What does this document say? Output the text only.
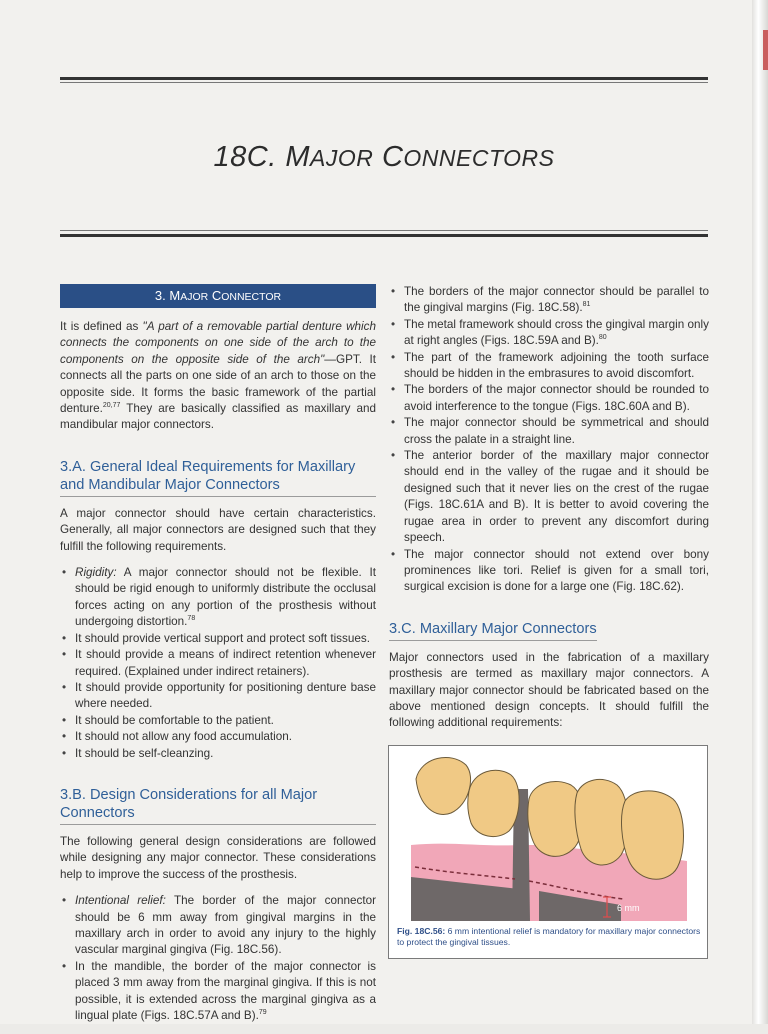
18C. MAJOR CONNECTORS
3. MAJOR CONNECTOR

It is defined as "A part of a removable partial denture which connects the components on one side of the arch to the components on the opposite side of the arch"—GPT. It connects all the parts on one side of an arch to those on the opposite side. It forms the basic framework of the partial denture.$^{20,77}$ They are basically classified as maxillary and mandibular major connectors.

3.A. General Ideal Requirements for Maxillary and Mandibular Major Connectors

A major connector should have certain characteristics. Generally, all major connectors are designed such that they fulfill the following requirements.

• Rigidity: A major connector should not be flexible. It should be rigid enough to uniformly distribute the occlusal forces acting on any portion of the prosthesis without undergoing distortion.$^{78}$
• It should provide vertical support and protect soft tissues.
• It should provide a means of indirect retention whenever required. (Explained under indirect retainers).
• It should provide opportunity for positioning denture base where needed.
• It should be comfortable to the patient.
• It should not allow any food accumulation.
• It should be self-cleanzing.
3.B. Design Considerations for all Major Connectors

The following general design considerations are followed while designing any major connector. These considerations help to improve the success of the prosthesis.

• Intentional relief: The border of the major connector should be 6 mm away from gingival margins in the maxillary arch in order to avoid any injury to the highly vascular marginal gingiva (Fig. 18C.56).
• In the mandible, the border of the major connector is placed 3 mm away from the marginal gingiva. If this is not possible, it is extended across the marginal gingiva as a lingual plate (Figs. 18C.57A and B).$^{79}$
• The borders of the major connector should be parallel to the gingival margins (Fig. 18C.58).$^{81}$
• The metal framework should cross the gingival margin only at right angles (Figs. 18C.59A and B).$^{80}$
• The part of the framework adjoining the tooth surface should be hidden in the embrasures to avoid discomfort.
• The borders of the major connector should be rounded to avoid interference to the tongue (Figs. 18C.60A and B).
• The major connector should be symmetrical and should cross the palate in a straight line.
• The anterior border of the maxillary major connector should end in the valley of the rugae and it should be designed such that it never lies on the crest of the rugae (Figs. 18C.61A and B). It is better to avoid covering the rugae area in order to prevent any discomfort during speech.
• The major connector should not extend over bony prominences like tori. Relief is given for a small tori, surgical excision is done for a large one (Fig. 18C.62).
3.C. Maxillary Major Connectors

Major connectors used in the fabrication of a maxillary prosthesis are termed as maxillary major connectors. A maxillary major connector should be fabricated based on the above mentioned design concepts. It should fulfill the following additional requirements:

6 mm
Fig. 18C.56: 6 mm intentional relief is mandatory for maxillary major connectors to protect the gingival tissues.
